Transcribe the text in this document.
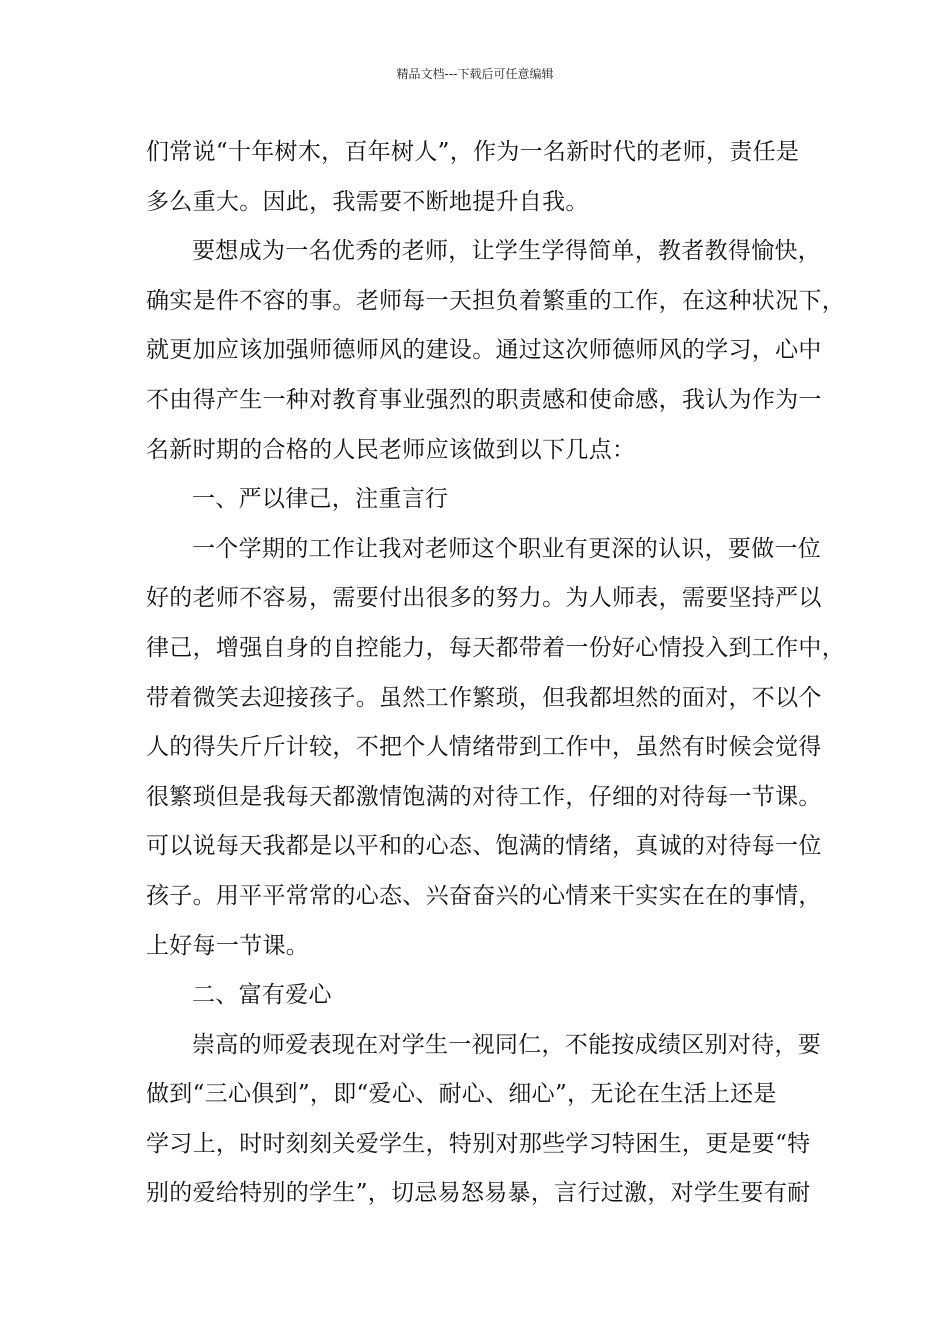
精品文档---下载后可任意编辑
们常说“十年树木，百年树人”，作为一名新时代的老师，责任是
多么重大。因此，我需要不断地提升自我。
要想成为一名优秀的老师，让学生学得简单，教者教得愉快，
确实是件不容的事。老师每一天担负着繁重的工作，在这种状况下，
就更加应该加强师德师风的建设。通过这次师德师风的学习，心中
不由得产生一种对教育事业强烈的职责感和使命感，我认为作为一
名新时期的合格的人民老师应该做到以下几点：
一、严以律己，注重言行
一个学期的工作让我对老师这个职业有更深的认识，要做一位
好的老师不容易，需要付出很多的努力。为人师表，需要坚持严以
律己，增强自身的自控能力，每天都带着一份好心情投入到工作中，
带着微笑去迎接孩子。虽然工作繁琐，但我都坦然的面对，不以个
人的得失斤斤计较，不把个人情绪带到工作中，虽然有时候会觉得
很繁琐但是我每天都激情饱满的对待工作，仔细的对待每一节课。
可以说每天我都是以平和的心态、饱满的情绪，真诚的对待每一位
孩子。用平平常常的心态、兴奋奋兴的心情来干实实在在的事情，
上好每一节课。
二、富有爱心
崇高的师爱表现在对学生一视同仁，不能按成绩区别对待，要
做到“三心俱到”，即“爱心、耐心、细心”，无论在生活上还是
学习上，时时刻刻关爱学生，特别对那些学习特困生，更是要“特
别的爱给特别的学生”，切忌易怒易暴，言行过激，对学生要有耐
